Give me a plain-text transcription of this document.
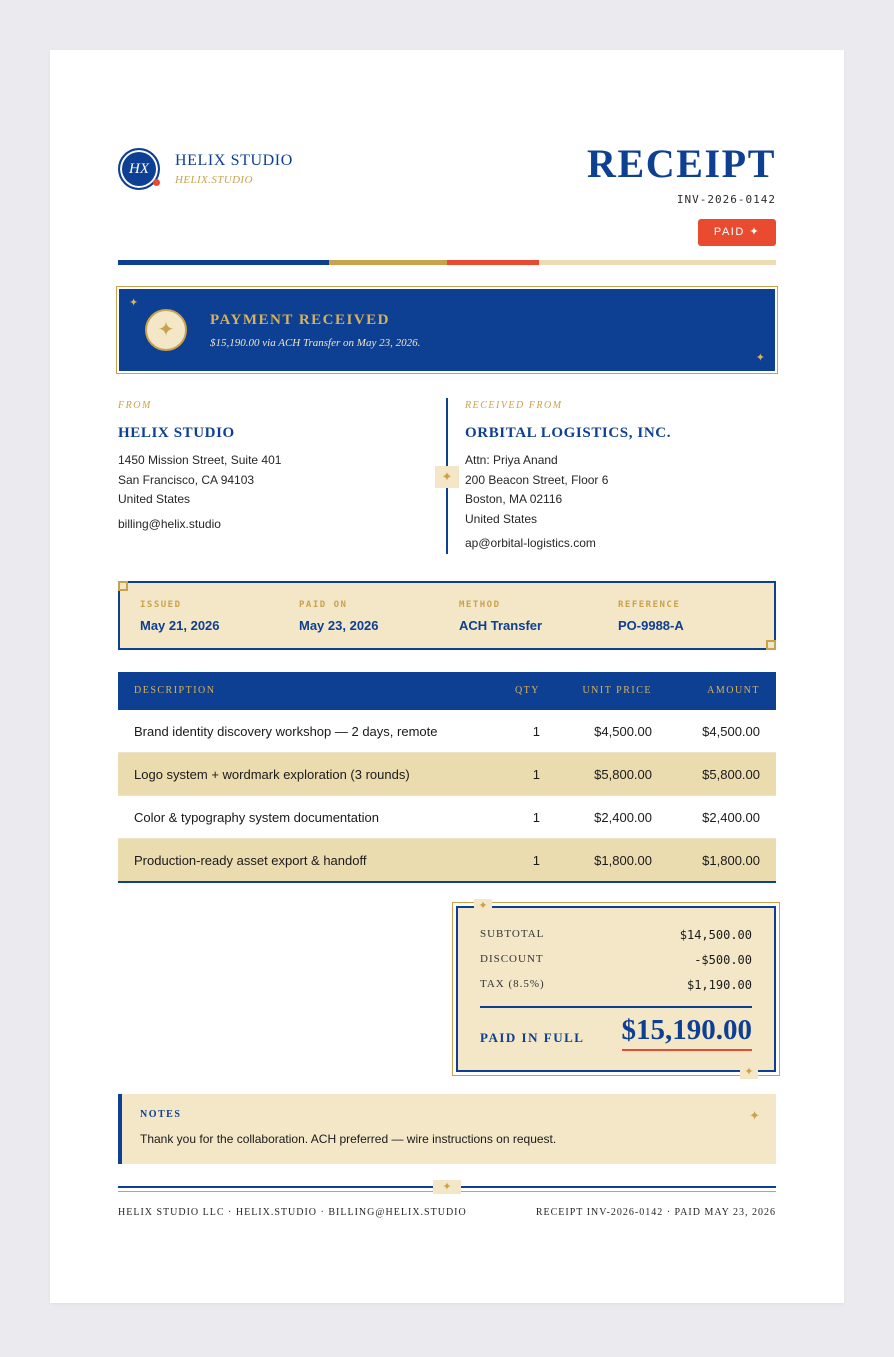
HX	HELIX STUDIO
HELIX.STUDIO	RECEIPT
INV-2026-0142
PAID ✦
✦
✦
✦	PAYMENT RECEIVED
$15,190.00 via ACH Transfer on May 23, 2026.
FROM
HELIX STUDIO
1450 Mission Street, Suite 401
San Francisco, CA 94103
United States
billing@helix.studio
✦
RECEIVED FROM
ORBITAL LOGISTICS, INC.
Attn: Priya Anand
200 Beacon Street, Floor 6
Boston, MA 02116
United States
ap@orbital-logistics.com
ISSUED
May 21, 2026
PAID ON
May 23, 2026
METHOD
ACH Transfer
REFERENCE
PO-9988-A
DESCRIPTION	QTY	UNIT PRICE	AMOUNT
Brand identity discovery workshop — 2 days, remote	1	$4,500.00	$4,500.00
Logo system + wordmark exploration (3 rounds)	1	$5,800.00	$5,800.00
Color & typography system documentation	1	$2,400.00	$2,400.00
Production-ready asset export & handoff	1	$1,800.00	$1,800.00
✦
✦
SUBTOTAL	$14,500.00
DISCOUNT	-$500.00
TAX (8.5%)	$1,190.00
PAID IN FULL $15,190.00
NOTES	✦
Thank you for the collaboration. ACH preferred — wire instructions on request.
✦
HELIX STUDIO LLC · HELIX.STUDIO · BILLING@HELIX.STUDIO	RECEIPT INV-2026-0142 · PAID MAY 23, 2026
